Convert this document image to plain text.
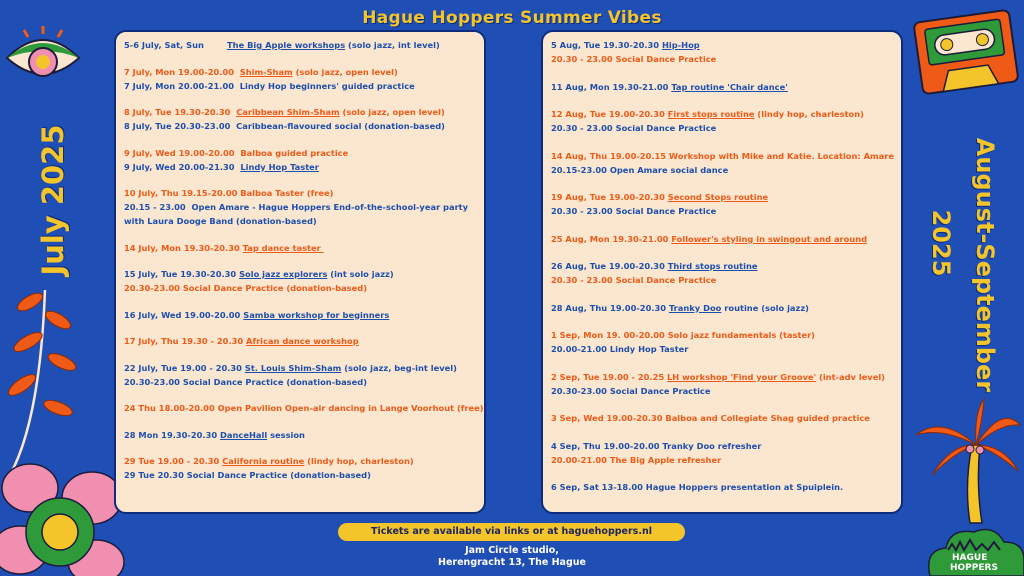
Hague Hoppers Summer Vibes
July 2025	August-September
2025
HAGUE
HOPPERS
5-6 July, Sat, Sun	The Big Apple workshops (solo jazz, int level)
7 July, Mon 19.00-20.00  Shim-Sham (solo jazz, open level)
7 July, Mon 20.00-21.00  Lindy Hop beginners' guided practice
8 July, Tue 19.30-20.30  Caribbean Shim-Sham (solo jazz, open level)
8 July, Tue 20.30-23.00  Caribbean-flavoured social (donation-based)
9 July, Wed 19.00-20.00  Balboa guided practice
9 July, Wed 20.00-21.30  Lindy Hop Taster
10 July, Thu 19.15-20.00 Balboa Taster (free)
20.15 - 23.00  Open Amare - Hague Hoppers End-of-the-school-year party
with Laura Dooge Band (donation-based)
14 July, Mon 19.30-20.30 Tap dance taster
15 July, Tue 19.30-20.30 Solo jazz explorers (int solo jazz)
20.30-23.00 Social Dance Practice (donation-based)
16 July, Wed 19.00-20.00 Samba workshop for beginners
17 July, Thu 19.30 - 20.30 African dance workshop
22 July, Tue 19.00 - 20.30 St. Louis Shim-Sham (solo jazz, beg-int level)
20.30-23.00 Social Dance Practice (donation-based)
24 Thu 18.00-20.00 Open Pavilion Open-air dancing in Lange Voorhout (free)
28 Mon 19.30-20.30 DanceHall session
29 Tue 19.00 - 20.30 California routine (lindy hop, charleston)
29 Tue 20.30 Social Dance Practice (donation-based)
5 Aug, Tue 19.30-20.30 Hip-Hop
20.30 - 23.00 Social Dance Practice
11 Aug, Mon 19.30-21.00 Tap routine 'Chair dance'
12 Aug, Tue 19.00-20.30 First stops routine (lindy hop, charleston)
20.30 - 23.00 Social Dance Practice
14 Aug, Thu 19.00-20.15 Workshop with Mike and Katie. Location: Amare
20.15-23.00 Open Amare social dance
19 Aug, Tue 19.00-20.30 Second Stops routine
20.30 - 23.00 Social Dance Practice
25 Aug, Mon 19.30-21.00 Follower's styling in swingout and around
26 Aug, Tue 19.00-20.30 Third stops routine
20.30 - 23.00 Social Dance Practice
28 Aug, Thu 19.00-20.30 Tranky Doo routine (solo jazz)
1 Sep, Mon 19. 00-20.00 Solo jazz fundamentals (taster)
20.00-21.00 Lindy Hop Taster
2 Sep, Tue 19.00 - 20.25 LH workshop 'Find your Groove' (int-adv level)
20.30-23.00 Social Dance Practice
3 Sep, Wed 19.00-20.30 Balboa and Collegiate Shag guided practice
4 Sep, Thu 19.00-20.00 Tranky Doo refresher
20.00-21.00 The Big Apple refresher
6 Sep, Sat 13-18.00 Hague Hoppers presentation at Spuiplein.
Tickets are available via links or at haguehoppers.nl
Jam Circle studio,
Herengracht 13, The Hague
